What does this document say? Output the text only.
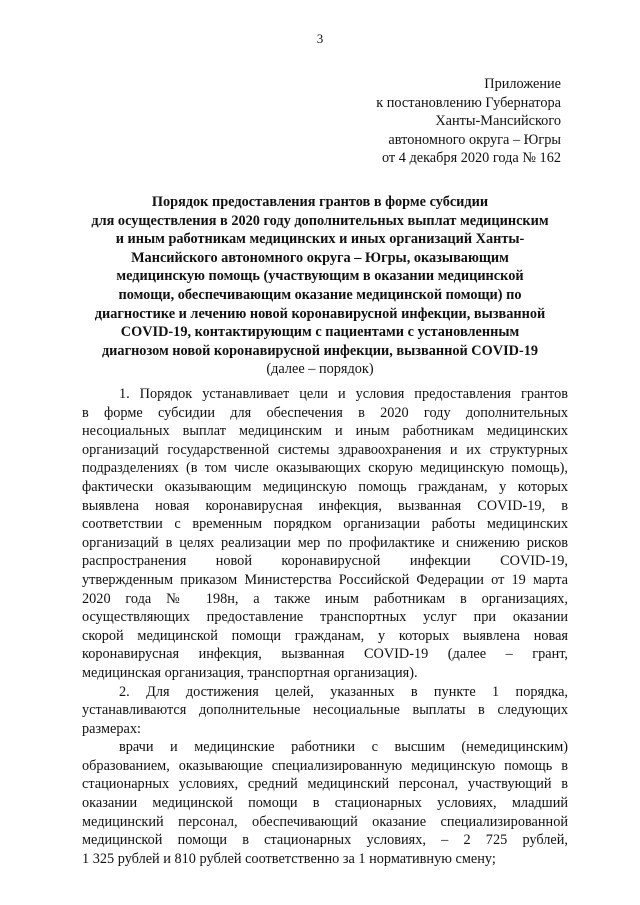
3
Приложение
к постановлению Губернатора
Ханты-Мансийского
автономного округа – Югры
от 4 декабря 2020 года № 162
Порядок предоставления грантов в форме субсидии
для осуществления в 2020 году дополнительных выплат медицинским
и иным работникам медицинских и иных организаций Ханты-
Мансийского автономного округа – Югры, оказывающим
медицинскую помощь (участвующим в оказании медицинской
помощи, обеспечивающим оказание медицинской помощи) по
диагностике и лечению новой коронавирусной инфекции, вызванной
COVID-19, контактирующим с пациентами с установленным
диагнозом новой коронавирусной инфекции, вызванной COVID-19
(далее – порядок)
1. Порядок устанавливает цели и условия предоставления грантов
в форме субсидии для обеспечения в 2020 году дополнительных
несоциальных выплат медицинским и иным работникам медицинских
организаций государственной системы здравоохранения и их структурных
подразделениях (в том числе оказывающих скорую медицинскую помощь),
фактически оказывающим медицинскую помощь гражданам, у которых
выявлена новая коронавирусная инфекция, вызванная COVID-19, в
соответствии с временным порядком организации работы медицинских
организаций в целях реализации мер по профилактике и снижению рисков
распространения новой коронавирусной инфекции COVID-19,
утвержденным приказом Министерства Российской Федерации от 19 марта
2020 года № 198н, а также иным работникам в организациях,
осуществляющих предоставление транспортных услуг при оказании
скорой медицинской помощи гражданам, у которых выявлена новая
коронавирусная инфекция, вызванная COVID-19 (далее – грант,
медицинская организация, транспортная организация).
2. Для достижения целей, указанных в пункте 1 порядка,
устанавливаются дополнительные несоциальные выплаты в следующих
размерах:
врачи и медицинские работники с высшим (немедицинским)
образованием, оказывающие специализированную медицинскую помощь в
стационарных условиях, средний медицинский персонал, участвующий в
оказании медицинской помощи в стационарных условиях, младший
медицинский персонал, обеспечивающий оказание специализированной
медицинской помощи в стационарных условиях, – 2 725 рублей,
1 325 рублей и 810 рублей соответственно за 1 нормативную смену;
